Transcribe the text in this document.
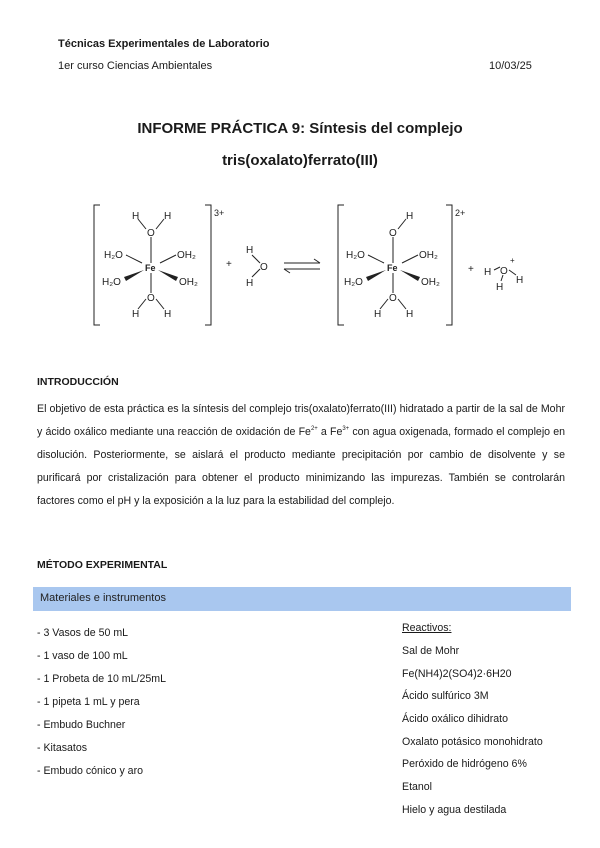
Técnicas Experimentales de Laboratorio
1er curso Ciencias Ambientales	10/03/25
INFORME PRÁCTICA 9: Síntesis del complejo
tris(oxalato)ferrato(III)
3+	2+
Fe
O
H H
O
H H
H₂O	OH₂
H₂O	OH₂
+
H
O
H
Fe
O
H
O
H H
H₂O	OH₂
H₂O	OH₂
+ H O
+
H
H
INTRODUCCIÓN
El objetivo de esta práctica es la síntesis del complejo tris(oxalato)ferrato(III) hidratado a partir de la sal de Mohr y ácido oxálico mediante una reacción de oxidación de $Fe^{2+}$ a $Fe^{3+}$ con agua oxigenada, formado el complejo en disolución. Posteriormente, se aislará el producto mediante precipitación por cambio de disolvente y se purificará por cristalización para obtener el producto minimizando las impurezas. También se controlarán factores como el pH y la exposición a la luz para la estabilidad del complejo.
MÉTODO EXPERIMENTAL
Materiales e instrumentos
- 3 Vasos de 50 mL
- 1 vaso de 100 mL
- 1 Probeta de 10 mL/25mL
- 1 pipeta 1 mL y pera
- Embudo Buchner
- Kitasatos
- Embudo cónico y aro
Reactivos:
Sal de Mohr
Fe(NH4)2(SO4)2·6H20
Ácido sulfúrico 3M
Ácido oxálico dihidrato
Oxalato potásico monohidrato
Peróxido de hidrógeno 6%
Etanol
Hielo y agua destilada
